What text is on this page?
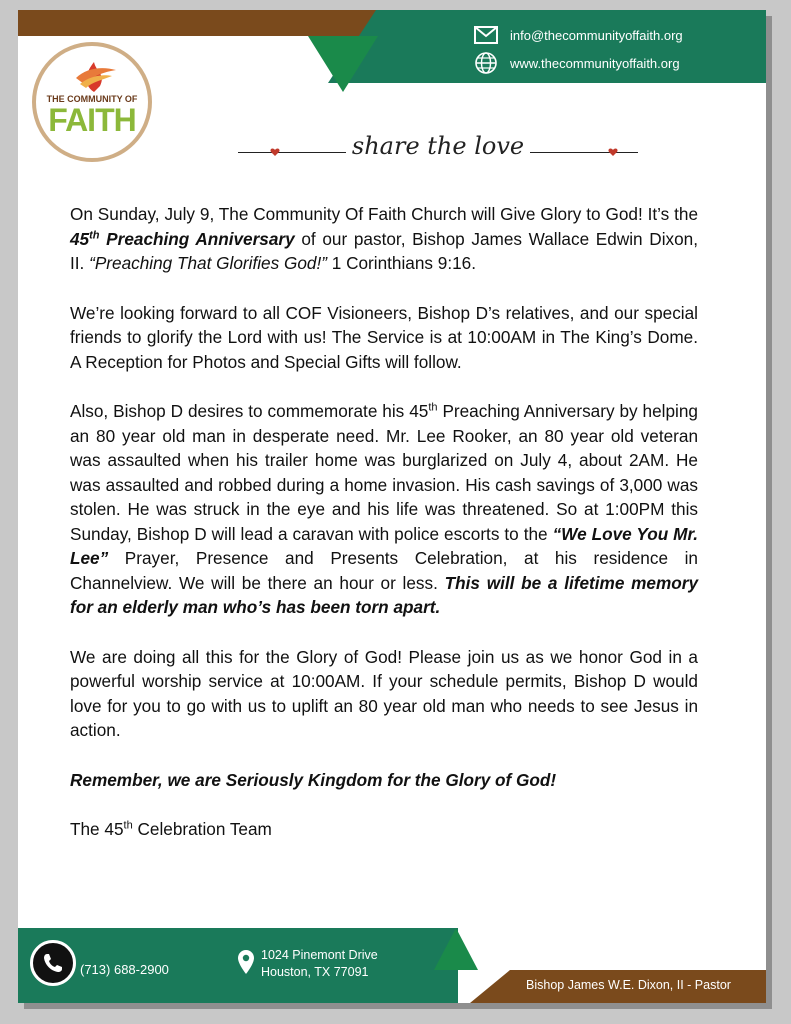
info@thecommunityoffaith.org
www.thecommunityoffaith.org
THE COMMUNITY OF
FAITH
share the love

On Sunday, July 9, The Community Of Faith Church will Give Glory to God! It’s the 45th Preaching Anniversary of our pastor, Bishop James Wallace Edwin Dixon, II. “Preaching That Glorifies God!” 1 Corinthians 9:16.

We’re looking forward to all COF Visioneers, Bishop D’s relatives, and our special friends to glorify the Lord with us! The Service is at 10:00AM in The King’s Dome. A Reception for Photos and Special Gifts will follow.

Also, Bishop D desires to commemorate his 45th Preaching Anniversary by helping an 80 year old man in desperate need. Mr. Lee Rooker, an 80 year old veteran was assaulted when his trailer home was burglarized on July 4, about 2AM. He was assaulted and robbed during a home invasion. His cash savings of 3,000 was stolen. He was struck in the eye and his life was threatened. So at 1:00PM this Sunday, Bishop D will lead a caravan with police escorts to the “We Love You Mr. Lee” Prayer, Presence and Presents Celebration, at his residence in Channelview. We will be there an hour or less. This will be a lifetime memory for an elderly man who’s has been torn apart.

We are doing all this for the Glory of God! Please join us as we honor God in a powerful worship service at 10:00AM. If your schedule permits, Bishop D would love for you to go with us to uplift an 80 year old man who needs to see Jesus in action.

Remember, we are Seriously Kingdom for the Glory of God!

The 45th Celebration Team

(713) 688-2900
1024 Pinemont Drive
Houston, TX 77091
Bishop James W.E. Dixon, II - Pastor
